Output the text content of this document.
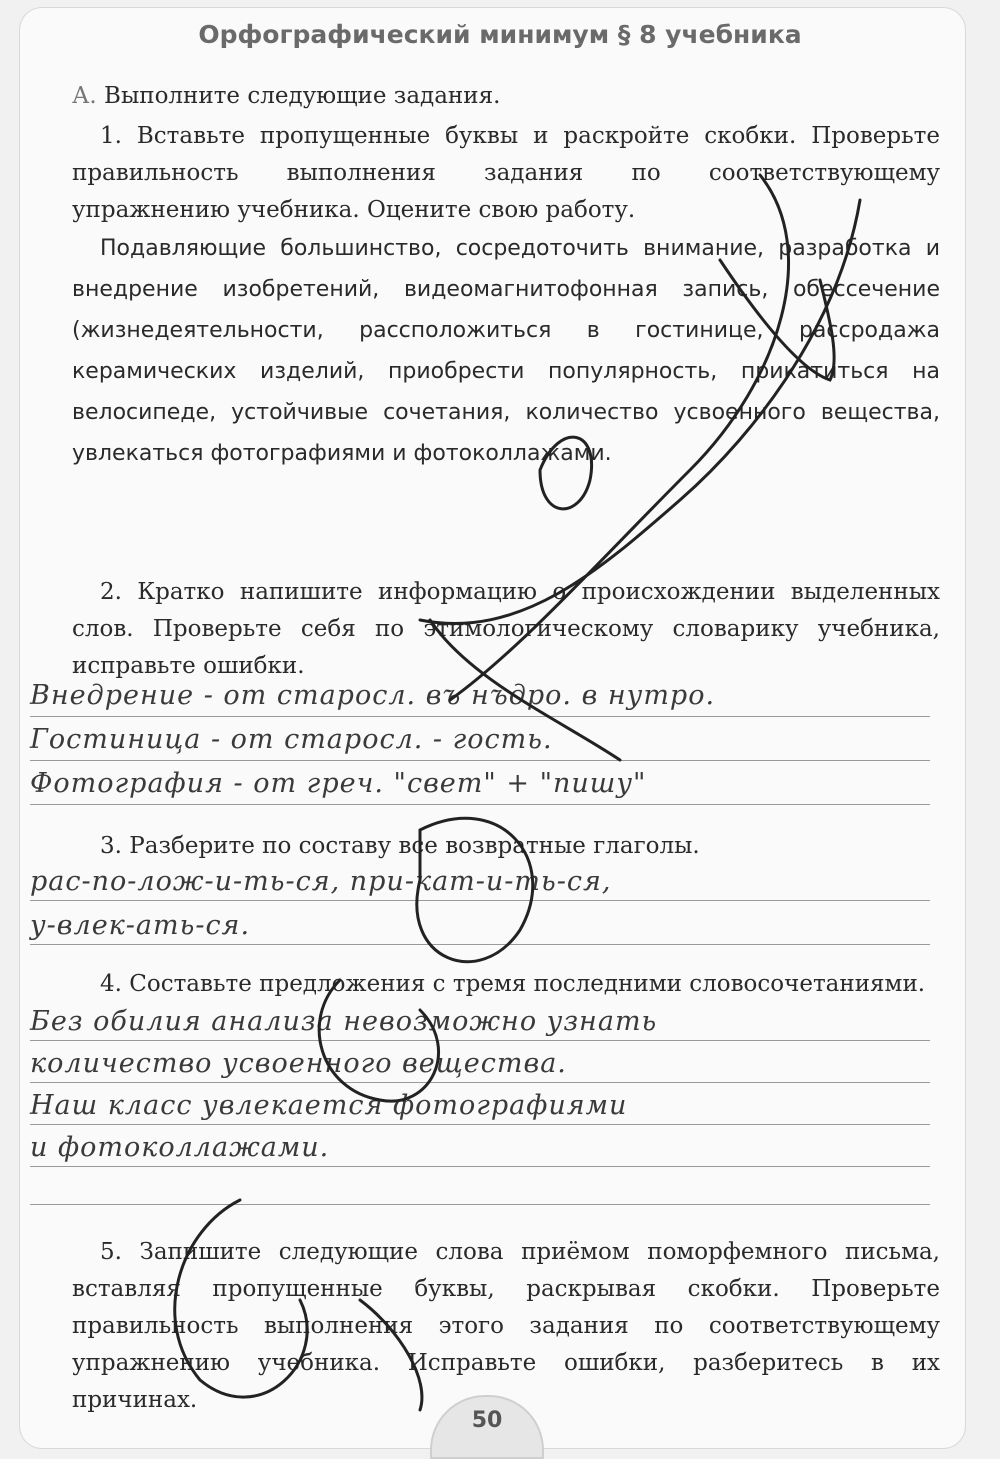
Орфографический минимум § 8 учебника
А. Выполните следующие задания.
1. Вставьте пропущенные буквы и раскройте скобки. Проверьте правильность выполнения задания по соответствующему упражнению учебника. Оцените свою работу.
Подавляющие большинство, сосредоточить внимание, разработка и внедрение изобретений, видеомагнитофонная запись, обессечение (жизнедеятельности, рассположиться в гостинице, рассродажа керамических изделий, приобрести популярность, прикатиться на велосипеде, устойчивые сочетания, количество усвоенного вещества, увлекаться фотографиями и фотоколлажами.
2. Кратко напишите информацию о происхождении выделенных слов. Проверьте себя по этимологическому словарику учебника, исправьте ошибки.
Внедрение - от старосл. въ нъдро. в нутро.
Гостиница - от старосл. - гость.
Фотография - от греч. "свет" + "пишу"
3. Разберите по составу все возвратные глаголы.
рас-по-лож-и-ть-ся, при-кат-и-ть-ся,
у-влек-ать-ся.
4. Составьте предложения с тремя последними словосочетаниями.
Без обилия анализа невозможно узнать
количество усвоенного вещества.
Наш класс увлекается фотографиями
и фотоколлажами.
5. Запишите следующие слова приёмом поморфемного письма, вставляя пропущенные буквы, раскрывая скобки. Проверьте правильность выполнения этого задания по соответствующему упражнению учебника. Исправьте ошибки, разберитесь в их причинах.
50
